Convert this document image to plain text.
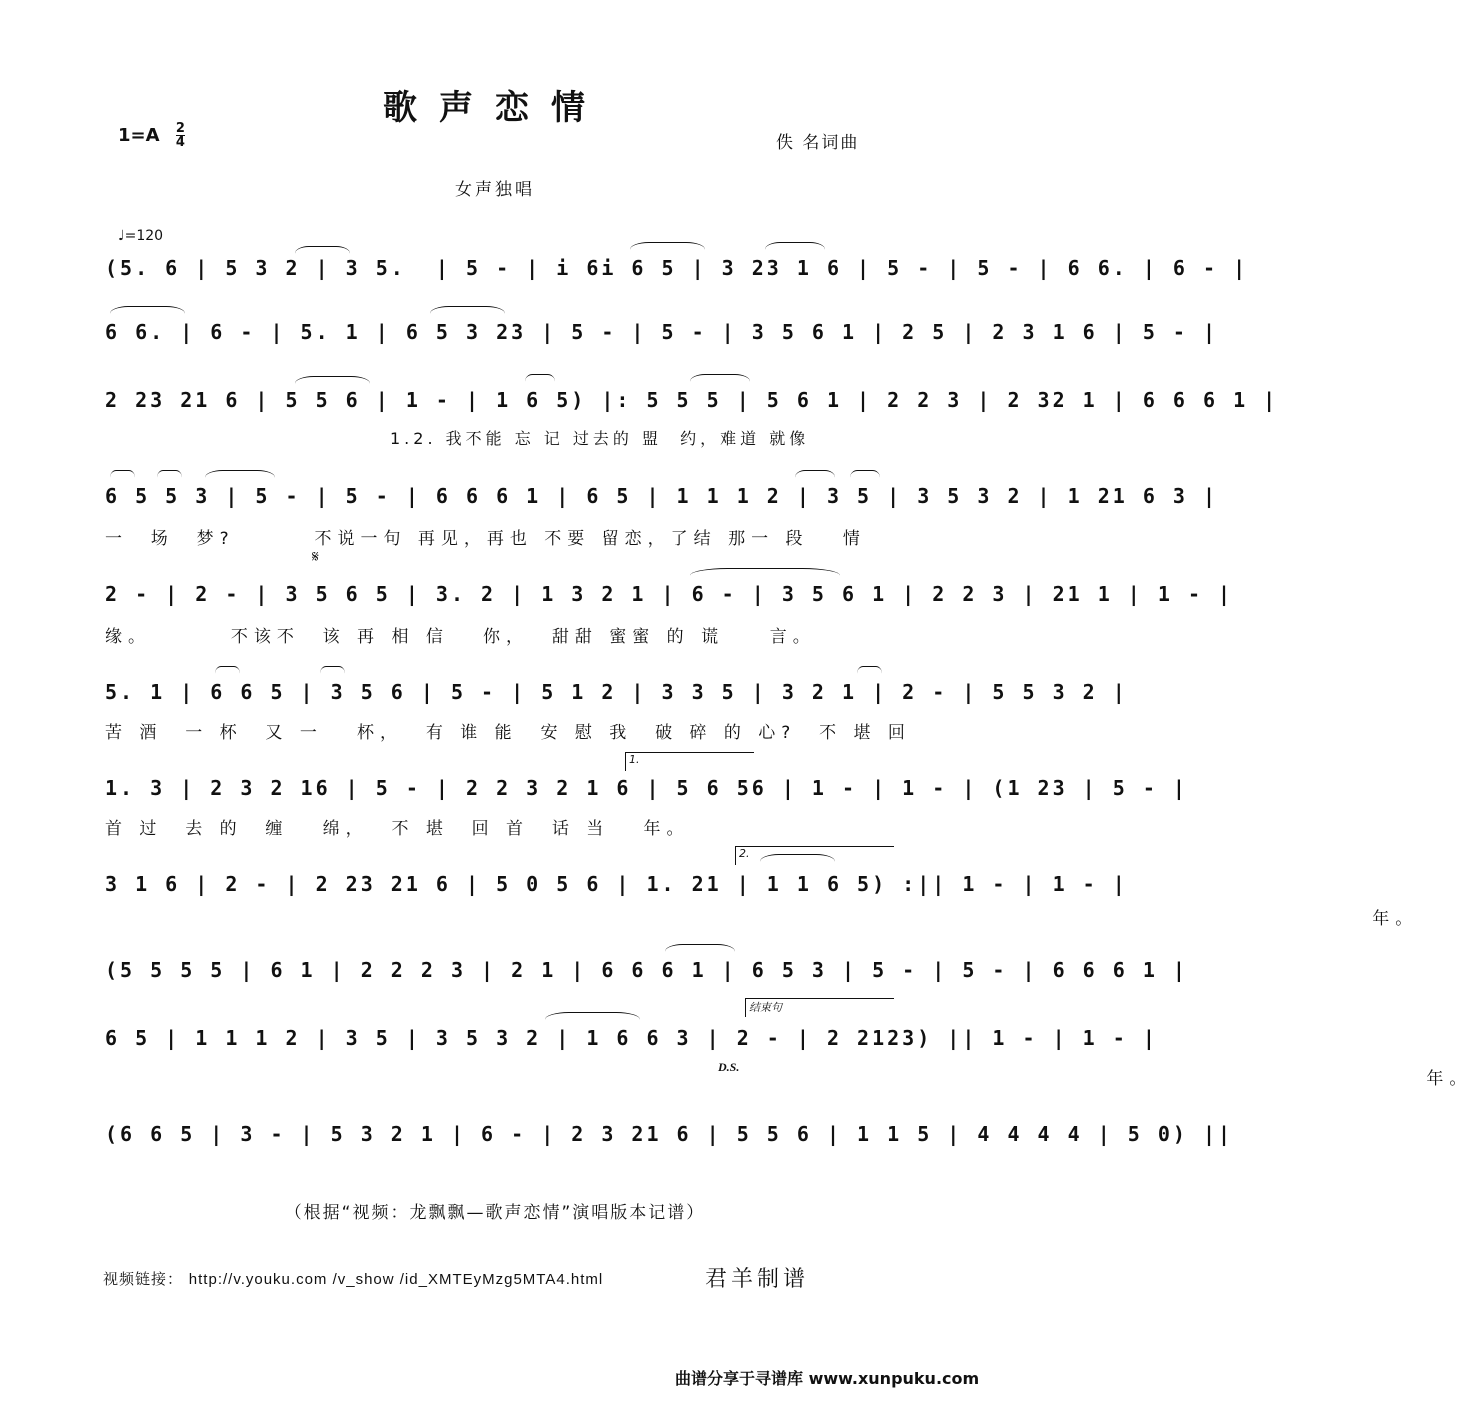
歌声恋情
$1=A \frac{2}{4}$	佚 名词曲
女声独唱
♩=120
(5. 6 | 5 3 2 | 3 5.  | 5 - | i 6i 6 5 | 3 23 1 6 | 5 - | 5 - | 6 6. | 6 - |
6 6. | 6 - | 5. 1 | 6 5 3 23 | 5 - | 5 - | 3 5 6 1 | 2 5 | 2 3 1 6 | 5 - |
2 23 21 6 | 5 5 6 | 1 - | 1 6 5) |: 5 5 5 | 5 6 1 | 2 2 3 | 2 32 1 | 6 6 6 1 |
1.2. 我不能 忘 记 过去的 盟  约，难道 就像
𝄋
6 5 5 3 | 5 - | 5 - | 6 6 6 1 | 6 5 | 1 1 1 2 | 3 5 | 3 5 3 2 | 1 21 6 3 |
一  场  梦?       不说一句 再见，再也 不要 留恋，了结 那一 段   情
2 - | 2 - | 3 5 6 5 | 3. 2 | 1 3 2 1 | 6 - | 3 5 6 1 | 2 2 3 | 21 1 | 1 - |
缘。       不该不  该 再 相 信   你，  甜甜 蜜蜜 的 谎    言。
5. 1 | 6 6 5 | 3 5 6 | 5 - | 5 1 2 | 3 3 5 | 3 2 1 | 2 - | 5 5 3 2 |
苦 酒  一 杯  又 一   杯，  有 谁 能  安 慰 我  破 碎 的 心?  不 堪 回
1. 3 | 2 3 2 16 | 5 - | 2 2 3 2 1 6 | 5 6 56 | 1 - | 1 - | (1 23 | 5 - |
首 过  去 的  缠   绵，  不 堪  回 首  话 当   年。
1.
3 1 6 | 2 - | 2 23 21 6 | 5 0 5 6 | 1. 21 | 1 1 6 5) :|| 1 - | 1 - |
年。
2.
(5 5 5 5 | 6 1 | 2 2 2 3 | 2 1 | 6 6 6 1 | 6 5 3 | 5 - | 5 - | 6 6 6 1 |
6 5 | 1 1 1 2 | 3 5 | 3 5 3 2 | 1 6 6 3 | 2 - | 2 2123) || 1 - | 1 - |
年。
结束句
D.S.
(6 6 5 | 3 - | 5 3 2 1 | 6 - | 2 3 21 6 | 5 5 6 | 1 1 5 | 4 4 4 4 | 5 0) ||
（根据“视频：龙飘飘—歌声恋情”演唱版本记谱）
视频链接： http://v.youku.com /v_show /id_XMTEyMzg5MTA4.html	君羊制谱
曲谱分享于寻谱库 www.xunpuku.com
